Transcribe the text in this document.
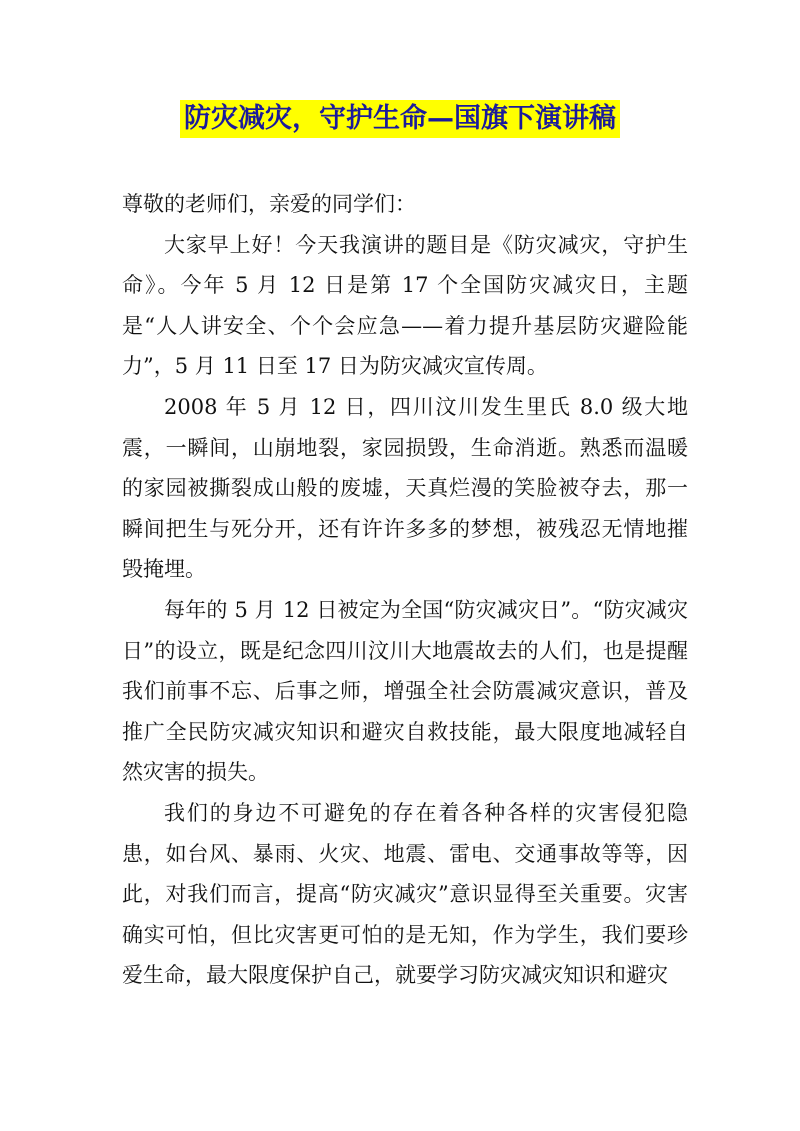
防灾减灾，守护生命—国旗下演讲稿

尊敬的老师们，亲爱的同学们：

大家早上好！今天我演讲的题目是《防灾减灾，守护生命》。今年 5 月 12 日是第 17 个全国防灾减灾日，主题是“人人讲安全、个个会应急——着力提升基层防灾避险能力”，5 月 11 日至 17 日为防灾减灾宣传周。

2008 年 5 月 12 日，四川汶川发生里氏 8.0 级大地震，一瞬间，山崩地裂，家园损毁，生命消逝。熟悉而温暖的家园被撕裂成山般的废墟，天真烂漫的笑脸被夺去，那一瞬间把生与死分开，还有许许多多的梦想，被残忍无情地摧毁掩埋。

每年的 5 月 12 日被定为全国“防灾减灾日”。“防灾减灾日”的设立，既是纪念四川汶川大地震故去的人们，也是提醒我们前事不忘、后事之师，增强全社会防震减灾意识，普及推广全民防灾减灾知识和避灾自救技能，最大限度地减轻自然灾害的损失。

我们的身边不可避免的存在着各种各样的灾害侵犯隐患，如台风、暴雨、火灾、地震、雷电、交通事故等等，因此，对我们而言，提高“防灾减灾”意识显得至关重要。灾害确实可怕，但比灾害更可怕的是无知，作为学生，我们要珍爱生命，最大限度保护自己，就要学习防灾减灾知识和避灾
